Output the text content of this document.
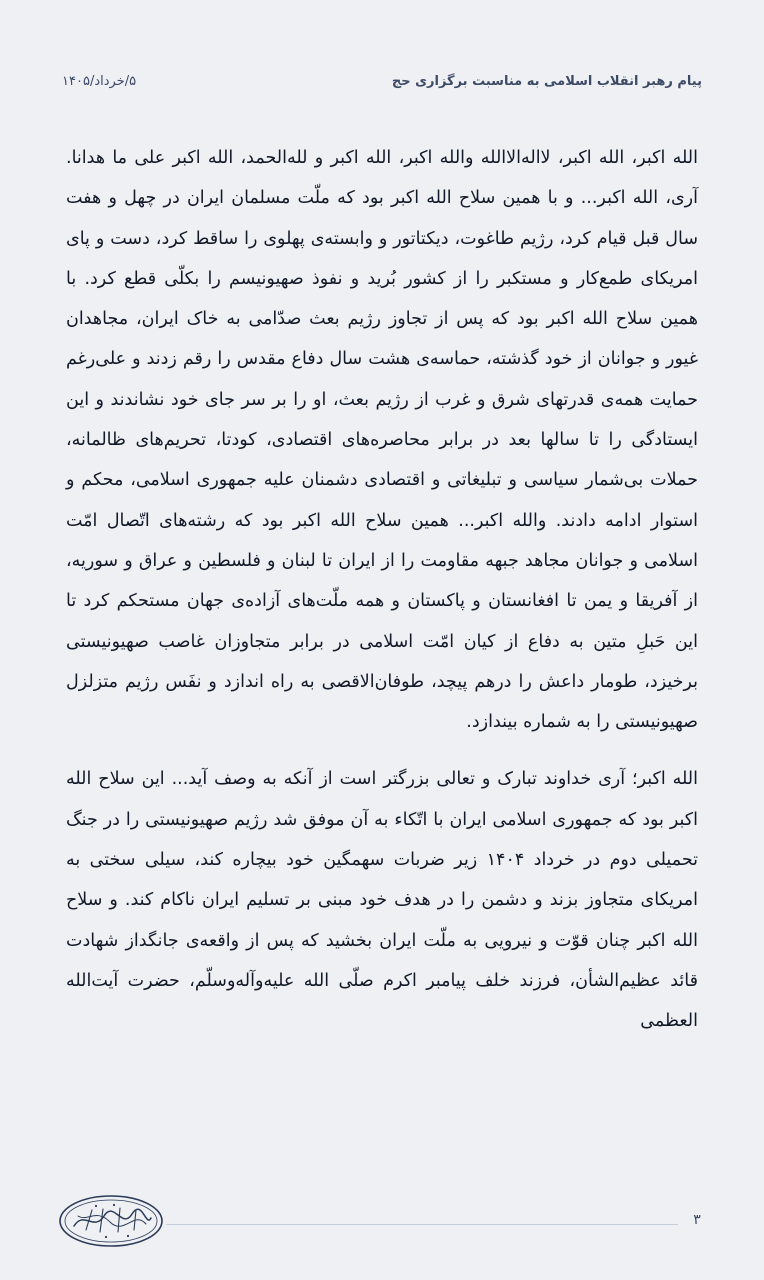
پیام رهبر انقلاب اسلامی به مناسبت برگزاری حج
۵/خرداد/۱۴۰۵

الله اکبر، الله اکبر، لااله‌الاالله والله اکبر، الله اکبر و لله‌الحمد، الله اکبر علی ما هدانا. آری، الله اکبر... و با همین سلاح الله اکبر بود که ملّت مسلمان ایران در چهل و هفت سال قبل قیام کرد، رژیم طاغوت، دیکتاتور و وابسته‌ی پهلوی را ساقط کرد، دست و پای امریکای طمع‌کار و مستکبر را از کشور بُرید و نفوذ صهیونیسم را بکلّی قطع کرد. با همین سلاح الله اکبر بود که پس از تجاوز رژیم بعث صدّامی به خاک ایران، مجاهدان غیور و جوانان از خود گذشته، حماسه‌ی هشت سال دفاع مقدس را رقم زدند و علی‌رغم حمایت همه‌ی قدرتهای شرق و غرب از رژیم بعث، او را بر سر جای خود نشاندند و این ایستادگی را تا سالها بعد در برابر محاصره‌های اقتصادی، کودتا، تحریم‌های ظالمانه، حملات بی‌شمار سیاسی و تبلیغاتی و اقتصادی دشمنان علیه جمهوری اسلامی، محکم و استوار ادامه دادند. والله اکبر... همین سلاح الله اکبر بود که رشته‌های اتّصال امّت اسلامی و جوانان مجاهد جبهه مقاومت را از ایران تا لبنان و فلسطین و عراق و سوریه، از آفریقا و یمن تا افغانستان و پاکستان و همه ملّت‌های آزاده‌ی جهان مستحکم کرد تا این حَبلِ متین به دفاع از کیان امّت اسلامی در برابر متجاوزان غاصب صهیونیستی برخیزد، طومار داعش را درهم پیچد، طوفان‌الاقصی به راه اندازد و نفَس رژیم متزلزل صهیونیستی را به شماره بیندازد.

الله اکبر؛ آری خداوند تبارک و تعالی بزرگتر است از آنکه به وصف آید... این سلاح الله اکبر بود که جمهوری اسلامی ایران با اتّکاء به آن موفق شد رژیم صهیونیستی را در جنگ تحمیلی دوم در خرداد ۱۴۰۴ زیر ضربات سهمگین خود بیچاره کند، سیلی سختی به امریکای متجاوز بزند و دشمن را در هدف خود مبنی بر تسلیم ایران ناکام کند. و سلاح الله اکبر چنان قوّت و نیرویی به ملّت ایران بخشید که پس از واقعه‌ی جانگداز شهادت قائد عظیم‌الشأن، فرزند خلف پیامبر اکرم صلّی الله علیه‌وآله‌وسلّم، حضرت آیت‌الله العظمی

۳
